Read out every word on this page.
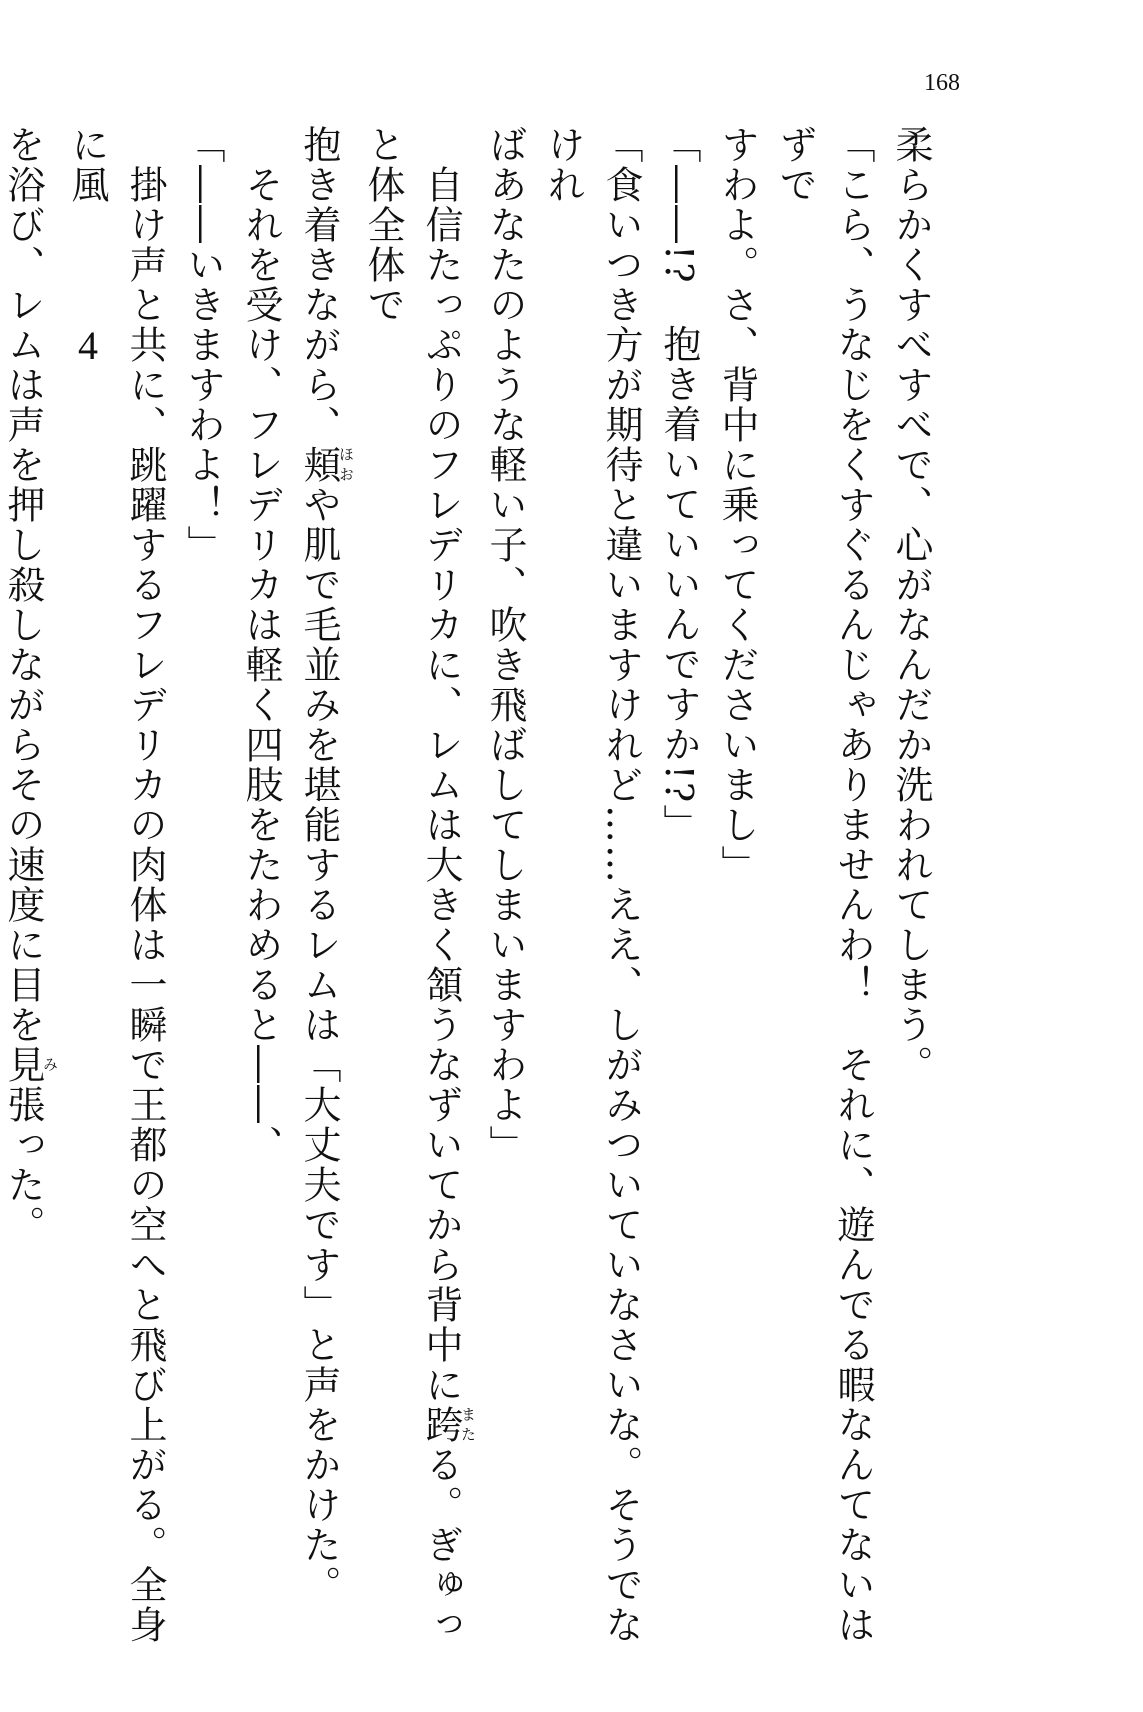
168
4	柔らかくすべすべで、心がなんだか洗われてしまう。

「こら、うなじをくすぐるんじゃありませんわ！　それに、遊んでる暇なんてないはずで

すわよ。さ、背中に乗ってくださいまし」

「――!?　抱き着いていいんですか!?」

「食いつき方が期待と違いますけれど……ええ、しがみついていなさいな。そうでなけれ

ばあなたのような軽い子、吹き飛ばしてしまいますわよ」

　自信たっぷりのフレデリカに、レムは大きく頷うなずいてから背中に跨またる。ぎゅっと体全体で

抱き着きながら、頬ほおや肌で毛並みを堪能するレムは「大丈夫です」と声をかけた。

　それを受け、フレデリカは軽く四肢をたわめると――、

「――いきますわよ！」

　掛け声と共に、跳躍するフレデリカの肉体は一瞬で王都の空へと飛び上がる。全身に風

を浴び、レムは声を押し殺しながらその速度に目を見み張った。
